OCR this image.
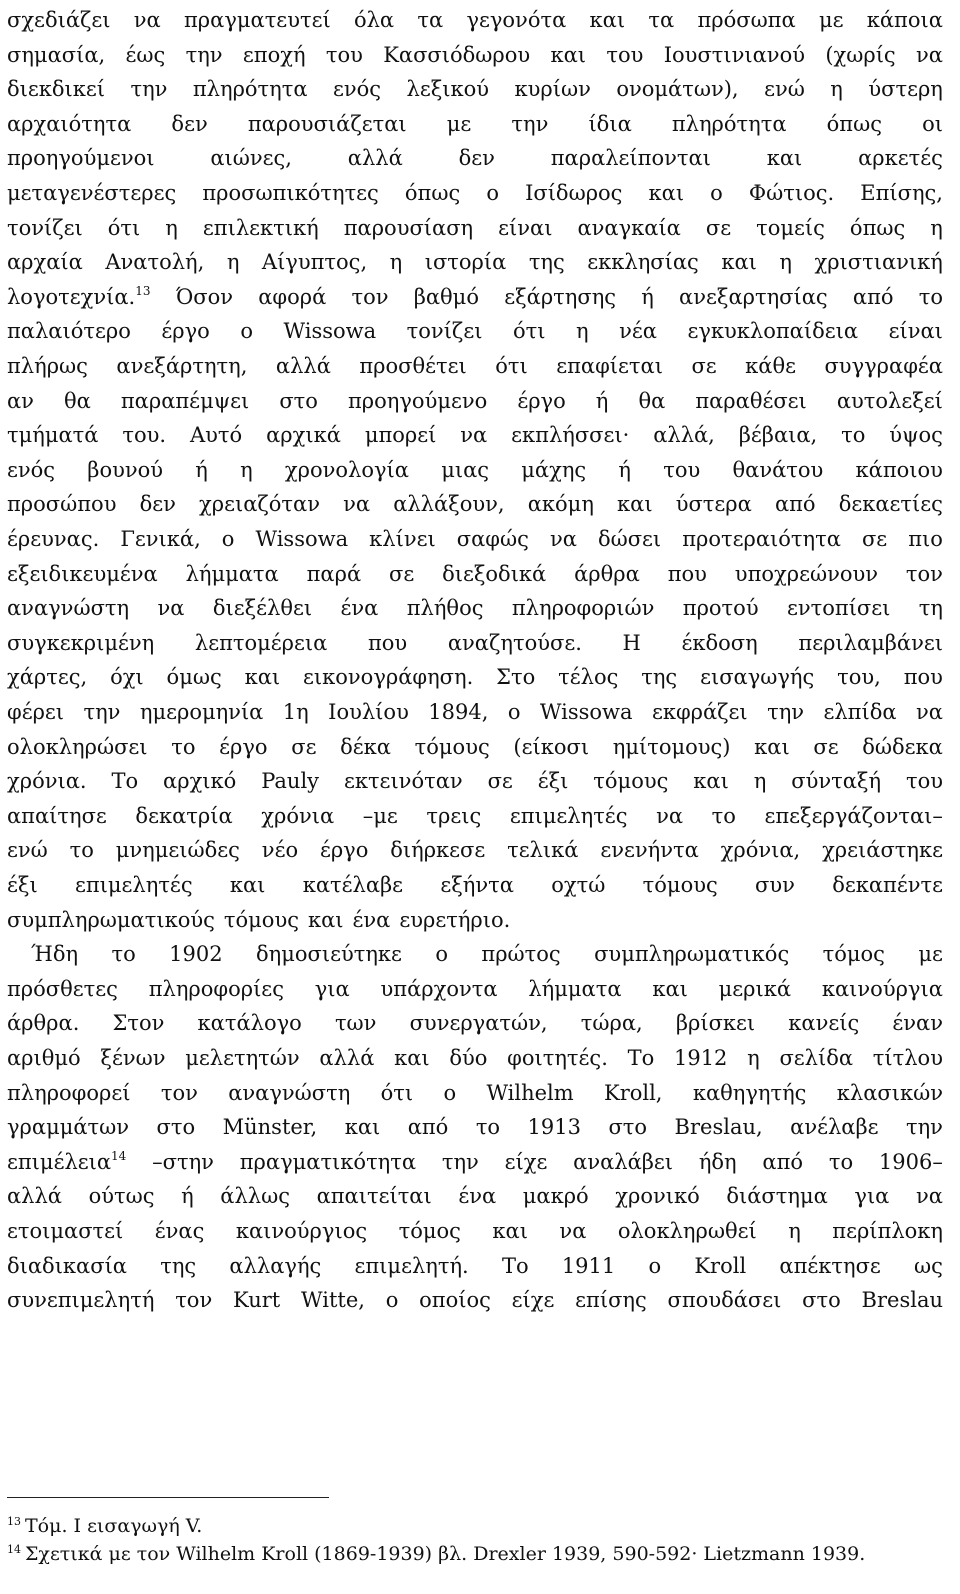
σχεδιάζει να πραγματευτεί όλα τα γεγονότα και τα πρόσωπα με κάποια
σημασία, έως την εποχή του Κασσιόδωρου και του Ιουστινιανού (χωρίς να
διεκδικεί την πληρότητα ενός λεξικού κυρίων ονομάτων), ενώ η ύστερη
αρχαιότητα δεν παρουσιάζεται με την ίδια πληρότητα όπως οι
προηγούμενοι	αιώνες,	αλλά	δεν	παραλείπονται	και	αρκετές
μεταγενέστερες προσωπικότητες όπως ο Ισίδωρος και ο Φώτιος. Επίσης,
τονίζει ότι η επιλεκτική παρουσίαση είναι αναγκαία σε τομείς όπως η
αρχαία Ανατολή, η Αίγυπτος, η ιστορία της εκκλησίας και η χριστιανική
λογοτεχνία.$^{13}$ Όσον αφορά τον βαθμό εξάρτησης ή ανεξαρτησίας από το
παλαιότερο έργο ο Wissowa τονίζει ότι η νέα εγκυκλοπαίδεια είναι
πλήρως ανεξάρτητη, αλλά προσθέτει ότι επαφίεται σε κάθε συγγραφέα
αν θα παραπέμψει στο προηγούμενο έργο ή θα παραθέσει αυτολεξεί
τμήματά του. Αυτό αρχικά μπορεί να εκπλήσσει· αλλά, βέβαια, το ύψος
ενός βουνού ή η χρονολογία μιας μάχης ή του θανάτου κάποιου
προσώπου δεν χρειαζόταν να αλλάξουν, ακόμη και ύστερα από δεκαετίες
έρευνας. Γενικά, ο Wissowa κλίνει σαφώς να δώσει προτεραιότητα σε πιο
εξειδικευμένα λήμματα παρά σε διεξοδικά άρθρα που υποχρεώνουν τον
αναγνώστη να διεξέλθει ένα πλήθος πληροφοριών προτού εντοπίσει τη
συγκεκριμένη λεπτομέρεια που αναζητούσε. Η έκδοση περιλαμβάνει
χάρτες, όχι όμως και εικονογράφηση. Στο τέλος της εισαγωγής του, που
φέρει την ημερομηνία 1η Ιουλίου 1894, ο Wissowa εκφράζει την ελπίδα να
ολοκληρώσει το έργο σε δέκα τόμους (είκοσι ημίτομους) και σε δώδεκα
χρόνια. Το αρχικό Pauly εκτεινόταν σε έξι τόμους και η σύνταξή του
απαίτησε δεκατρία χρόνια –με τρεις επιμελητές να το επεξεργάζονται–
ενώ το μνημειώδες νέο έργο διήρκεσε τελικά ενενήντα χρόνια, χρειάστηκε
έξι επιμελητές και κατέλαβε εξήντα οχτώ τόμους συν δεκαπέντε
συμπληρωματικούς τόμους και ένα ευρετήριο.
Ήδη το 1902 δημοσιεύτηκε ο πρώτος συμπληρωματικός τόμος με
πρόσθετες πληροφορίες για υπάρχοντα λήμματα και μερικά καινούργια
άρθρα. Στον κατάλογο των συνεργατών, τώρα, βρίσκει κανείς έναν
αριθμό ξένων μελετητών αλλά και δύο φοιτητές. Το 1912 η σελίδα τίτλου
πληροφορεί τον αναγνώστη ότι ο Wilhelm Kroll, καθηγητής κλασικών
γραμμάτων στο Münster, και από το 1913 στο Breslau, ανέλαβε την
επιμέλεια$^{14}$ –στην πραγματικότητα την είχε αναλάβει ήδη από το 1906–
αλλά ούτως ή άλλως απαιτείται ένα μακρό χρονικό διάστημα για να
ετοιμαστεί ένας καινούργιος τόμος και να ολοκληρωθεί η περίπλοκη
διαδικασία της αλλαγής επιμελητή. Το 1911 ο Kroll απέκτησε ως
συνεπιμελητή τον Kurt Witte, ο οποίος είχε επίσης σπουδάσει στο Breslau
$^{13}$ Τόμ. Ι εισαγωγή V.
$^{14}$ Σχετικά με τον Wilhelm Kroll (1869-1939) βλ. Drexler 1939, 590-592· Lietzmann 1939.
